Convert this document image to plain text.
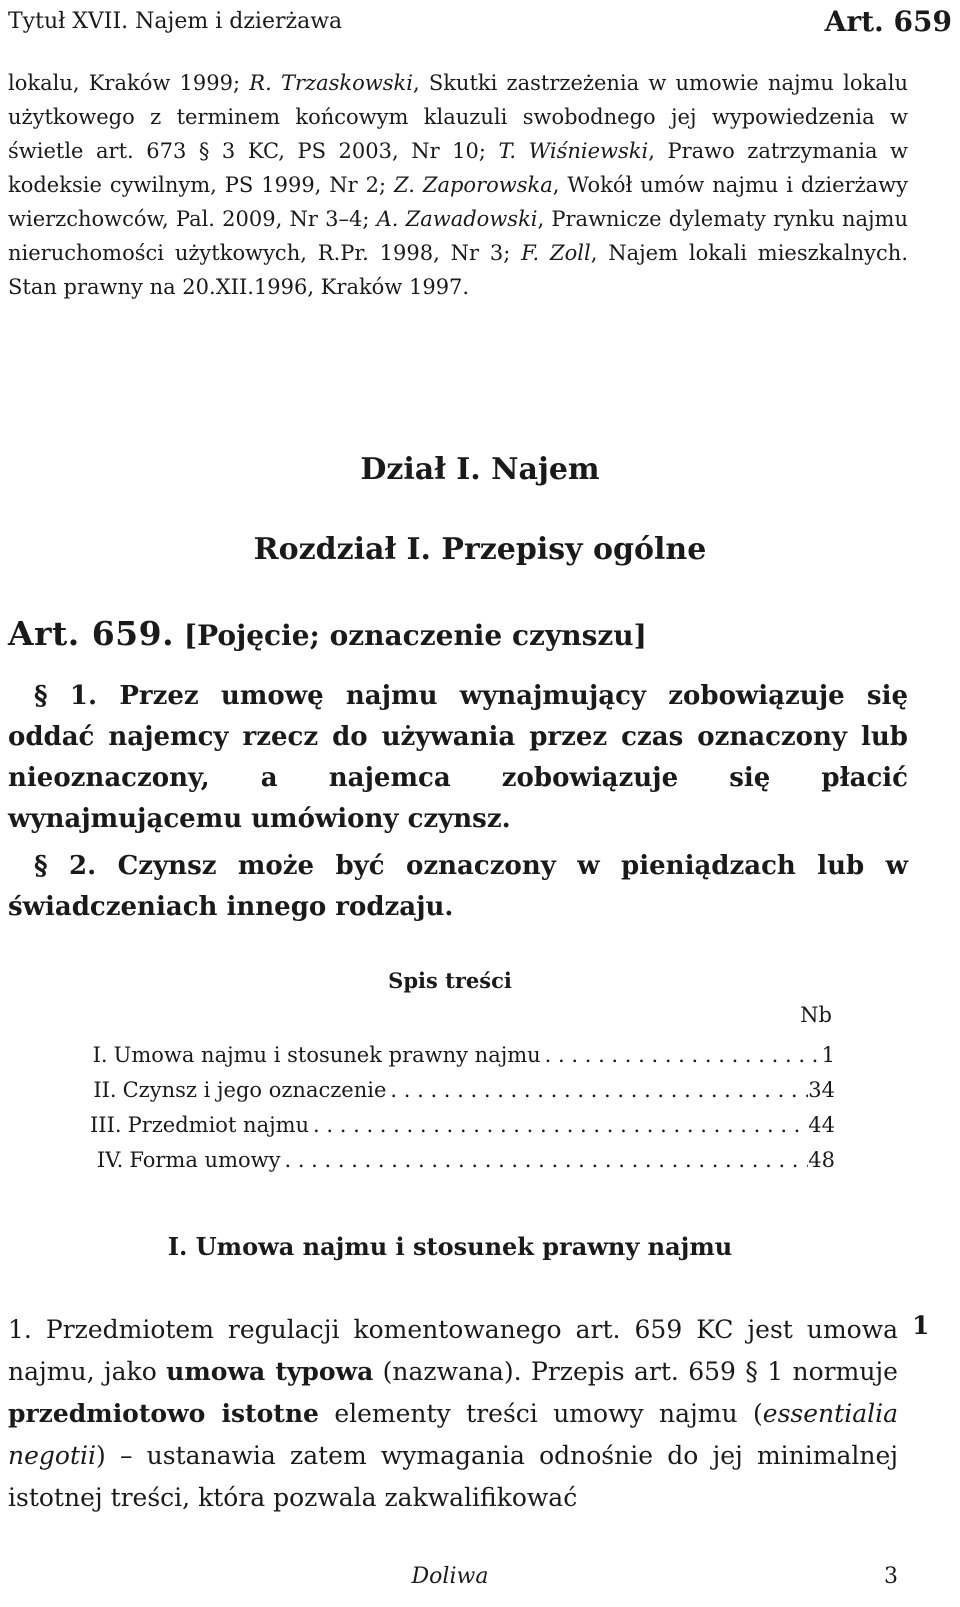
Tytuł XVII. Najem i dzierżawa	Art. 659

lokalu, Kraków 1999; R. Trzaskowski, Skutki zastrzeżenia w umowie najmu lokalu użytkowego z terminem końcowym klauzuli swobodnego jej wypowiedzenia w świetle art. 673 § 3 KC, PS 2003, Nr 10; T. Wiśniewski, Prawo zatrzymania w kodeksie cywilnym, PS 1999, Nr 2; Z. Zaporowska, Wokół umów najmu i dzierżawy wierzchowców, Pal. 2009, Nr 3–4; A. Zawadowski, Prawnicze dylematy rynku najmu nieruchomości użytkowych, R.Pr. 1998, Nr 3; F. Zoll, Najem lokali mieszkalnych. Stan prawny na 20.XII.1996, Kraków 1997.

Dział I. Najem
Rozdział I. Przepisy ogólne
Art. 659. [Pojęcie; oznaczenie czynszu]
§ 1. Przez umowę najmu wynajmujący zobowiązuje się oddać najemcy rzecz do używania przez czas oznaczony lub nieoznaczony, a najemca zobowiązuje się płacić wynajmującemu umówiony czynsz.
§ 2. Czynsz może być oznaczony w pieniądzach lub w świadczeniach innego rodzaju.
Spis treści
Nb
I. Umowa najmu i stosunek prawny najmu . . .	1
II. Czynsz i jego oznaczenie . . .	34
III. Przedmiot najmu . . .	44
IV. Forma umowy . . .	48
I. Umowa najmu i stosunek prawny najmu
1
1. Przedmiotem regulacji komentowanego art. 659 KC jest umowa najmu, jako umowa typowa (nazwana). Przepis art. 659 § 1 normuje przedmiotowo istotne elementy treści umowy najmu (essentialia negotii) – ustanawia zatem wymagania odnośnie do jej minimalnej istotnej treści, która pozwala zakwalifikować
Doliwa	3
